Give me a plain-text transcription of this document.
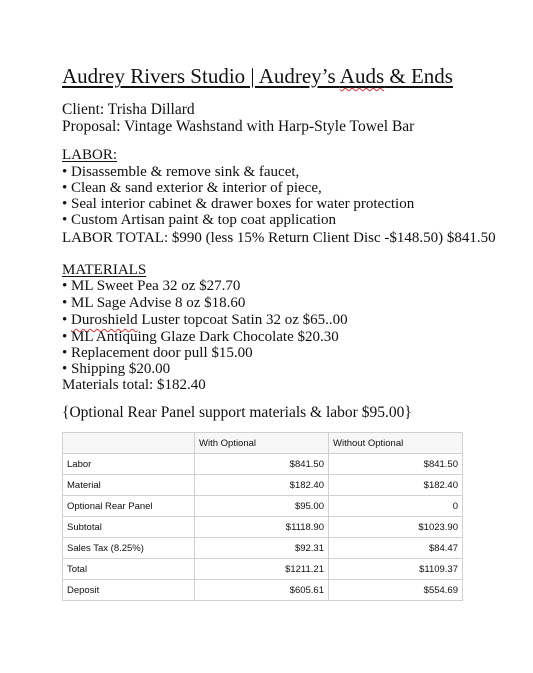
Audrey Rivers Studio | Audrey’s Auds & Ends
Client: Trisha Dillard
Proposal: Vintage Washstand with Harp-Style Towel Bar
LABOR:
• Disassemble & remove sink & faucet,
• Clean & sand exterior & interior of piece,
• Seal interior cabinet & drawer boxes for water protection
• Custom Artisan paint & top coat application
LABOR TOTAL: $990 (less 15% Return Client Disc -$148.50) $841.50
MATERIALS
• ML Sweet Pea 32 oz $27.70
• ML Sage Advise 8 oz $18.60
• Duroshield Luster topcoat Satin 32 oz $65..00
• ML Antiquing Glaze Dark Chocolate $20.30
• Replacement door pull $15.00
• Shipping $20.00
Materials total: $182.40
{Optional Rear Panel support materials & labor $95.00}
	With Optional	Without Optional
Labor	$841.50	$841.50
Material	$182.40	$182.40
Optional Rear Panel	$95.00	0
Subtotal	$1118.90	$1023.90
Sales Tax (8.25%)	$92.31	$84.47
Total	$1211.21	$1109.37
Deposit	$605.61	$554.69
